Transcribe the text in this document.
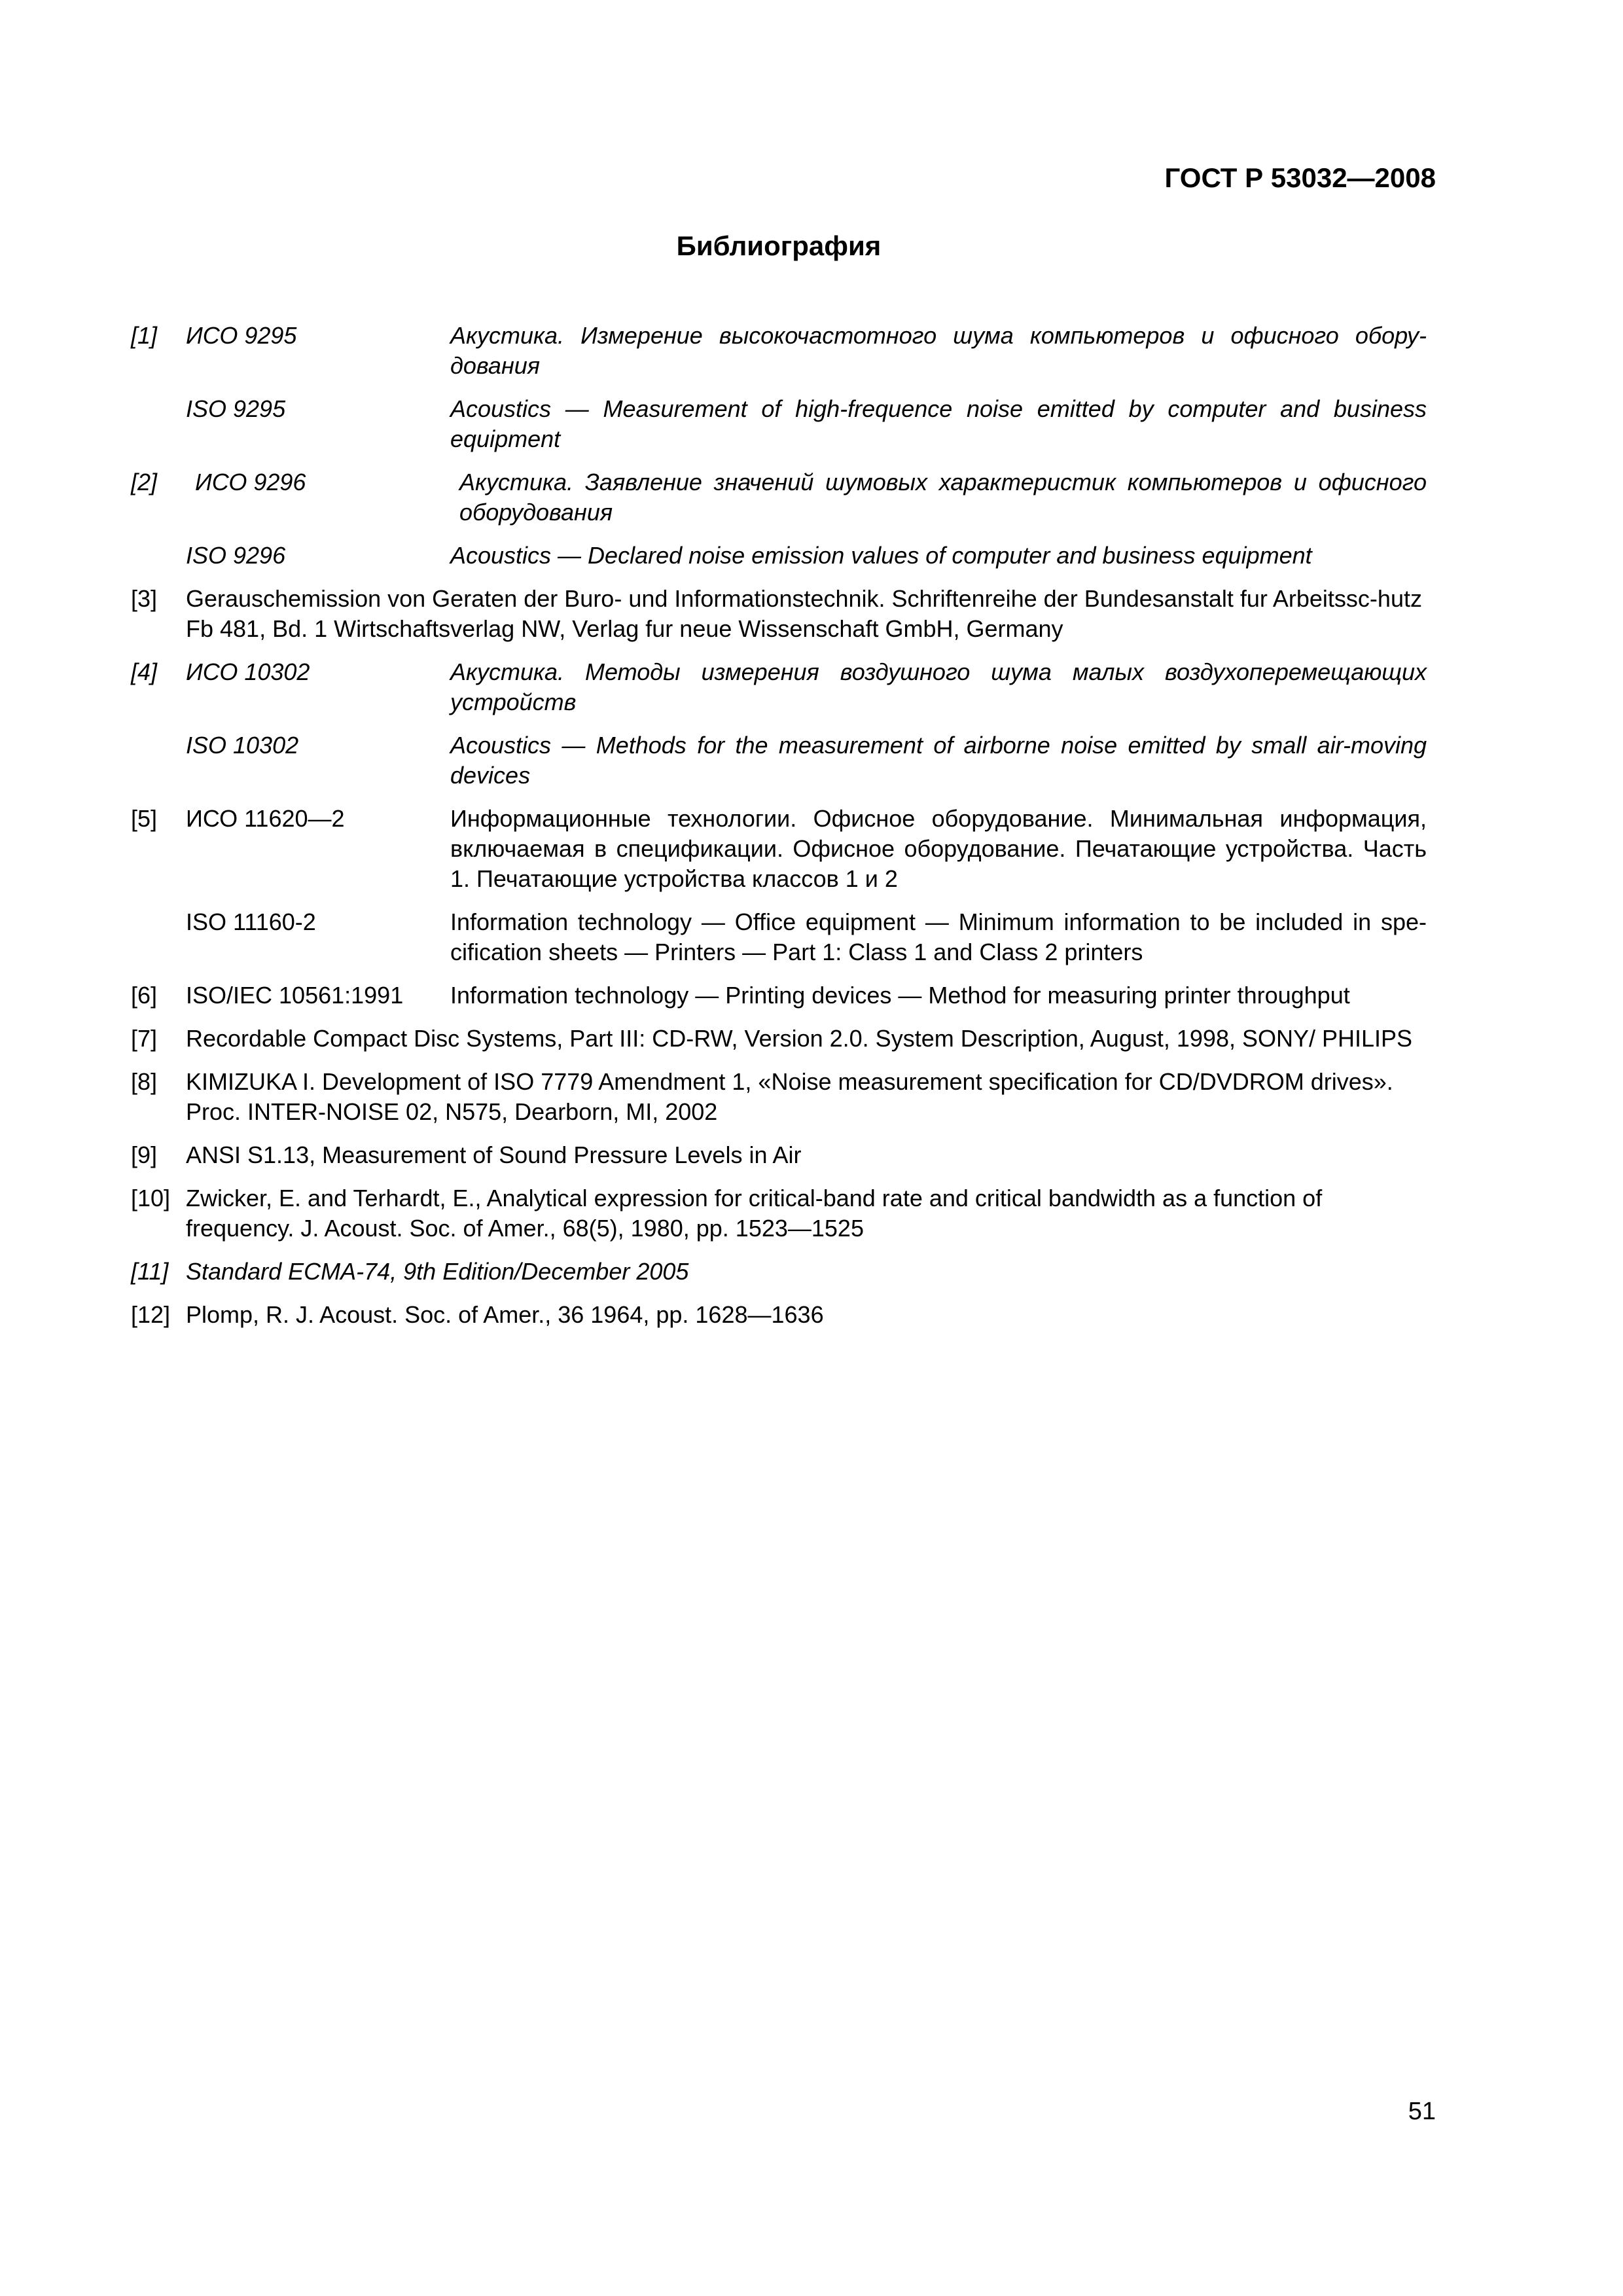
ГОСТ Р 53032—2008

Библиография
[1]	ИСО 9295	Акустика. Измерение высокочастотного шума компьютеров и офисного обору-дования
ISO 9295	Acoustics — Measurement of high-frequence noise emitted by computer and business equipment
[2]	ИСО 9296	Акустика. Заявление значений шумовых характеристик компьютеров и офисного оборудования
ISO 9296	Acoustics — Declared noise emission values of computer and business equipment
[3]	Gerauschemission von Geraten der Buro- und Informationstechnik. Schriftenreihe der Bundesanstalt fur Arbeitssc-hutz Fb 481, Bd. 1 Wirtschaftsverlag NW, Verlag fur neue Wissenschaft GmbH, Germany
[4]	ИСО 10302	Акустика. Методы измерения воздушного шума малых воздухоперемещающих устройств
ISO 10302	Acoustics — Methods for the measurement of airborne noise emitted by small air-moving devices
[5]	ИСО 11620—2	Информационные технологии. Офисное оборудование. Минимальная информация, включаемая в спецификации. Офисное оборудование. Печатающие устройства. Часть 1. Печатающие устройства классов 1 и 2
ISO 11160-2	Information technology — Office equipment — Minimum information to be included in spe-cification sheets — Printers — Part 1: Class 1 and Class 2 printers
[6]	ISO/IEC 10561:1991	Information technology — Printing devices — Method for measuring printer throughput
[7]	Recordable Compact Disc Systems, Part III: CD-RW, Version 2.0. System Description, August, 1998, SONY/ PHILIPS
[8]	KIMIZUKA I. Development of ISO 7779 Amendment 1, «Noise measurement specification for CD/DVDROM drives». Proc. INTER-NOISE 02, N575, Dearborn, MI, 2002
[9]	ANSI S1.13, Measurement of Sound Pressure Levels in Air
[10] Zwicker, E. and Terhardt, E., Analytical expression for critical-band rate and critical bandwidth as a function of frequency. J. Acoust. Soc. of Amer., 68(5), 1980, pp. 1523—1525
[11] Standard ECMA-74, 9th Edition/December 2005
[12] Plomp, R. J. Acoust. Soc. of Amer., 36 1964, pp. 1628—1636

51
